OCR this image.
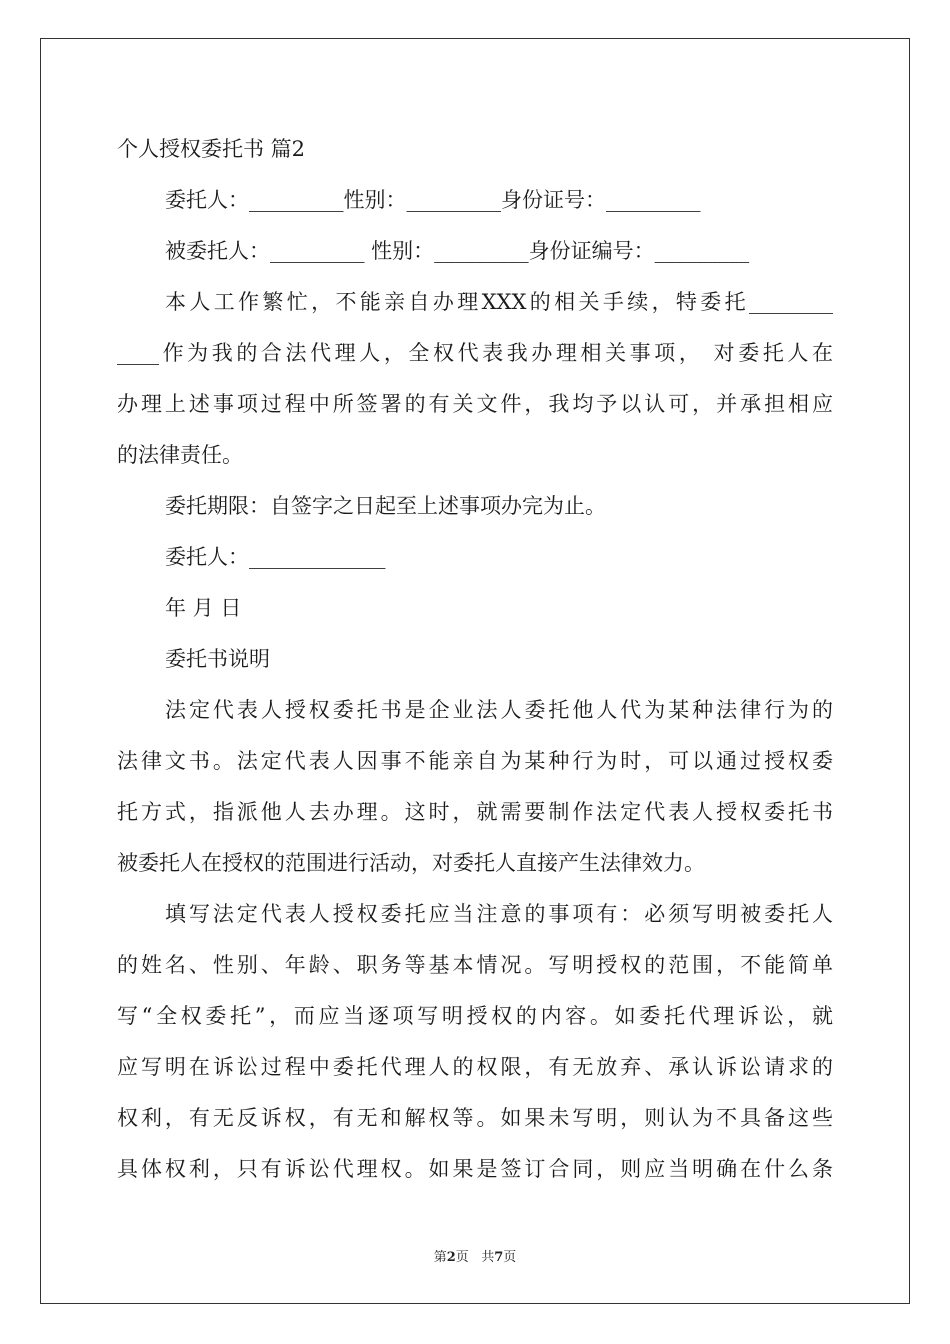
个人授权委托书 篇2
委托人：_________性别：_________身份证号：_________
被委托人：_________ 性别：_________身份证编号：_________
本人工作繁忙，不能亲自办理XXX的相关手续，特委托________
____作为我的合法代理人，全权代表我办理相关事项， 对委托人在
办理上述事项过程中所签署的有关文件，我均予以认可，并承担相应
的法律责任。
委托期限：自签字之日起至上述事项办完为止。
委托人：_____________
年 月 日
委托书说明
法定代表人授权委托书是企业法人委托他人代为某种法律行为的
法律文书。法定代表人因事不能亲自为某种行为时，可以通过授权委
托方式，指派他人去办理。这时，就需要制作法定代表人授权委托书
被委托人在授权的范围进行活动，对委托人直接产生法律效力。
填写法定代表人授权委托应当注意的事项有：必须写明被委托人
的姓名、性别、年龄、职务等基本情况。写明授权的范围，不能简单
写“全权委托”，而应当逐项写明授权的内容。如委托代理诉讼，就
应写明在诉讼过程中委托代理人的权限，有无放弃、承认诉讼请求的
权利，有无反诉权，有无和解权等。如果未写明，则认为不具备这些
具体权利，只有诉讼代理权。如果是签订合同，则应当明确在什么条
第2页 共7页
